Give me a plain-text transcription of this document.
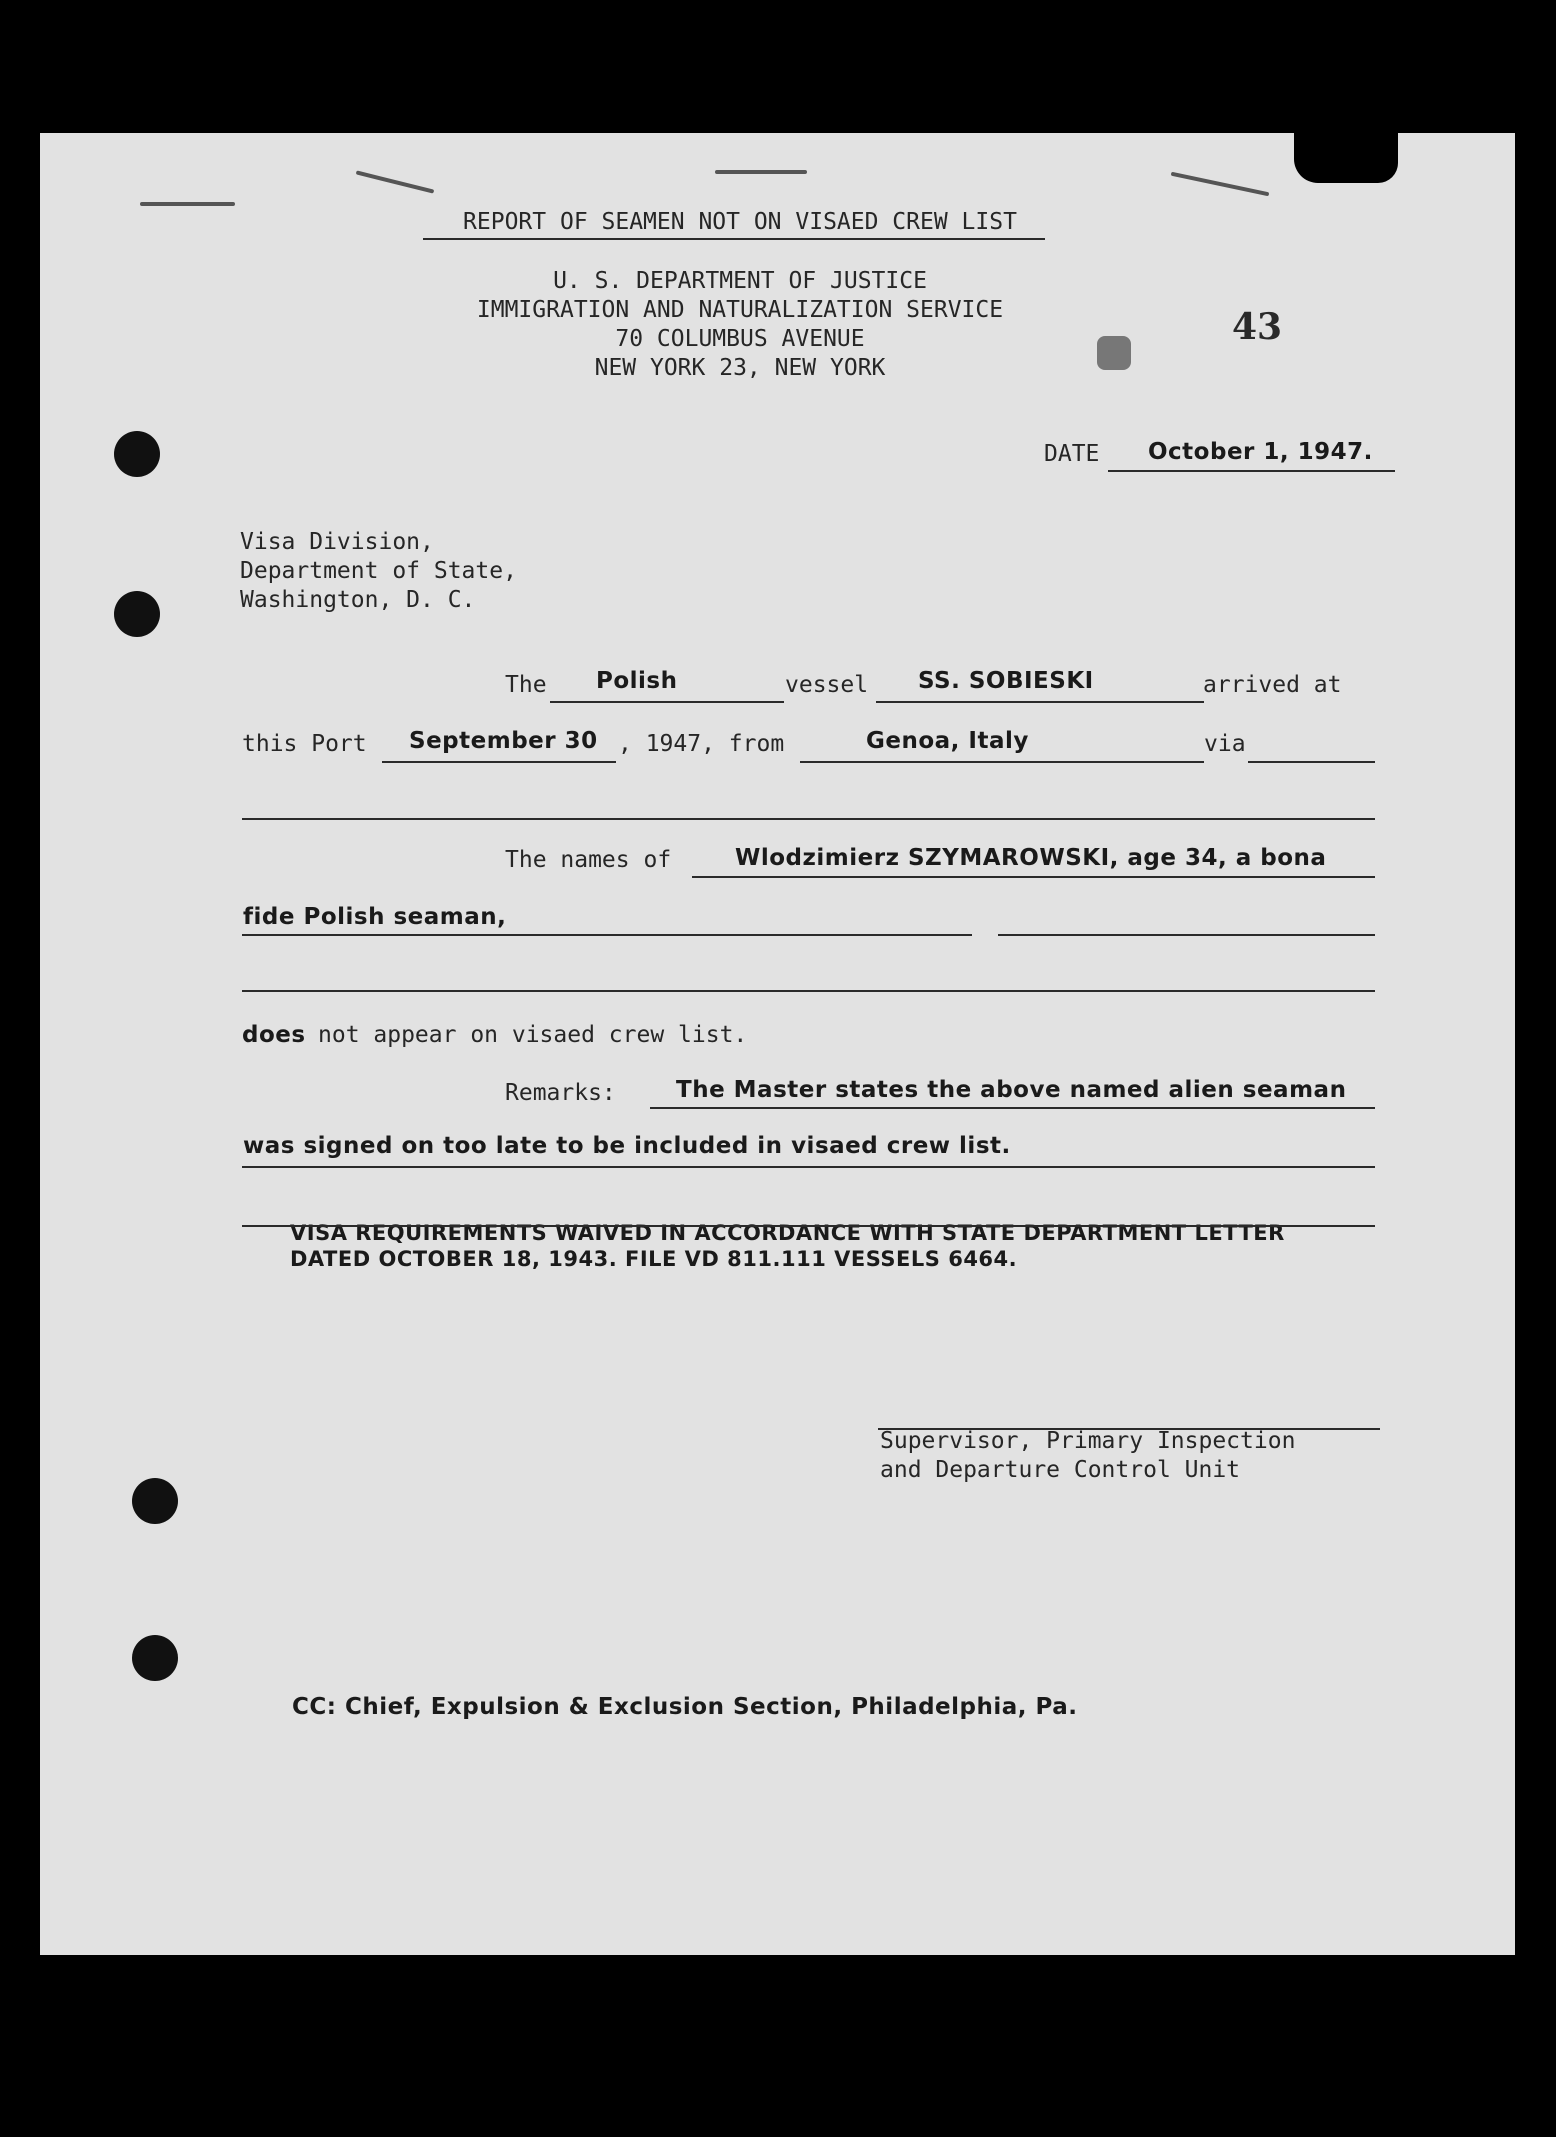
REPORT OF SEAMEN NOT ON VISAED CREW LIST
U. S. DEPARTMENT OF JUSTICE
IMMIGRATION AND NATURALIZATION SERVICE
70 COLUMBUS AVENUE
NEW YORK 23, NEW YORK
43
DATE October 1, 1947.
Visa Division,
Department of State,
Washington, D. C.
The Polish	vessel SS. SOBIESKI	arrived at
this Port September 30 , 1947, from	Genoa, Italy	via
The names of	Wlodzimierz SZYMAROWSKI, age 34, a bona
fide Polish seaman,
does not appear on visaed crew list.
Remarks:	The Master states the above named alien seaman
was signed on too late to be included in visaed crew list.
VISA REQUIREMENTS WAIVED IN ACCORDANCE WITH STATE DEPARTMENT LETTER
DATED OCTOBER 18, 1943. FILE VD 811.111 VESSELS 6464.
Supervisor, Primary Inspection
and Departure Control Unit
CC: Chief, Expulsion & Exclusion Section, Philadelphia, Pa.
